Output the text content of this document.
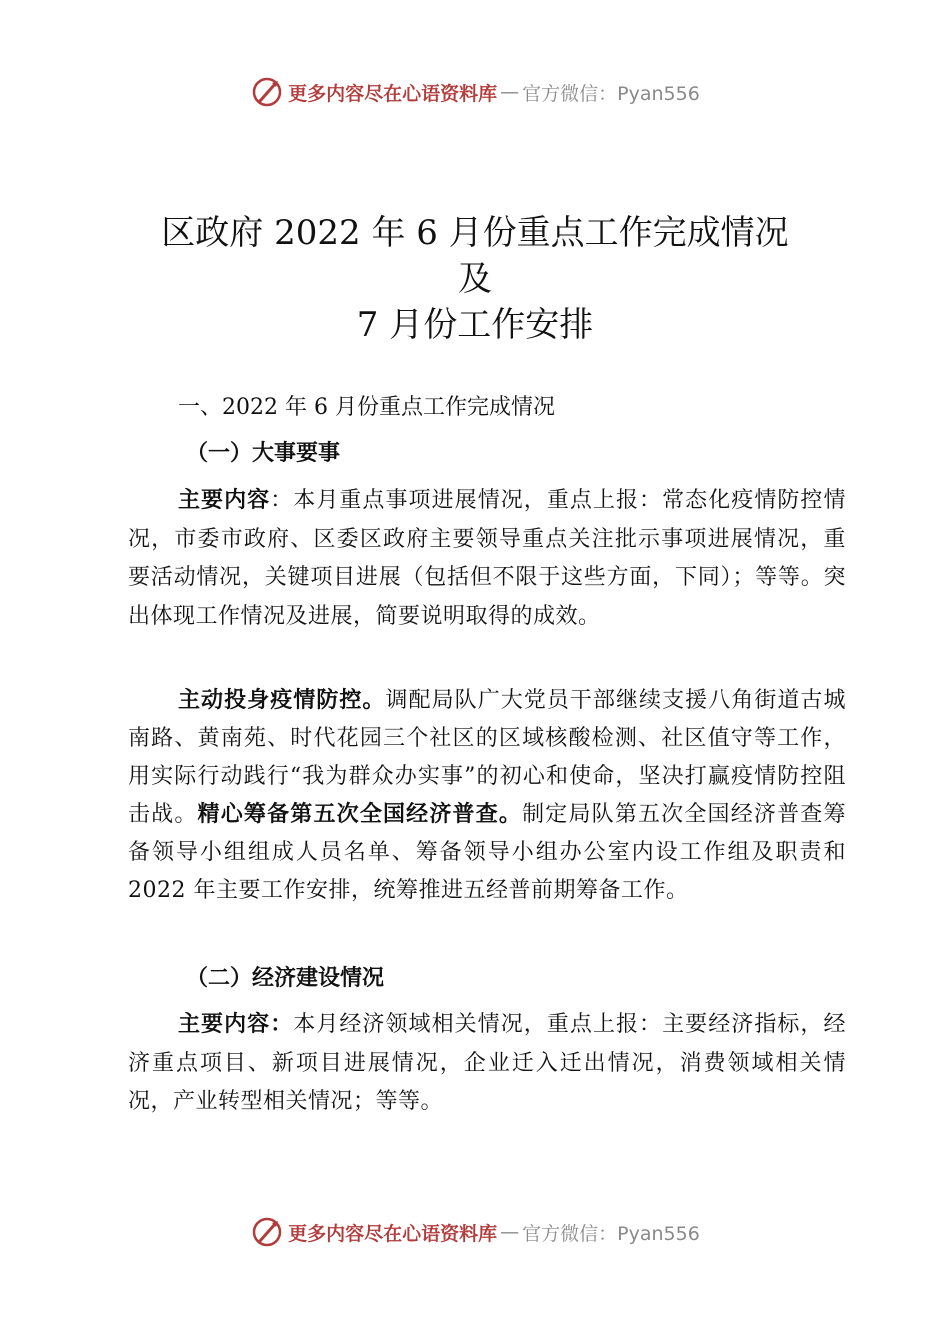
更多内容尽在心语资料库 — 官方微信：Pyan556
区政府 2022 年 6 月份重点工作完成情况
及
7 月份工作安排
一、2022 年 6 月份重点工作完成情况
（一）大事要事
主要内容：本月重点事项进展情况，重点上报：常态化疫情防控情况，市委市政府、区委区政府主要领导重点关注批示事项进展情况，重要活动情况，关键项目进展（包括但不限于这些方面，下同）；等等。突出体现工作情况及进展，简要说明取得的成效。
主动投身疫情防控。调配局队广大党员干部继续支援八角街道古城南路、黄南苑、时代花园三个社区的区域核酸检测、社区值守等工作，用实际行动践行“我为群众办实事”的初心和使命，坚决打赢疫情防控阻击战。精心筹备第五次全国经济普查。制定局队第五次全国经济普查筹备领导小组组成人员名单、筹备领导小组办公室内设工作组及职责和 2022 年主要工作安排，统筹推进五经普前期筹备工作。
（二）经济建设情况
主要内容：本月经济领域相关情况，重点上报：主要经济指标，经济重点项目、新项目进展情况，企业迁入迁出情况，消费领域相关情况，产业转型相关情况；等等。
更多内容尽在心语资料库 — 官方微信：Pyan556
